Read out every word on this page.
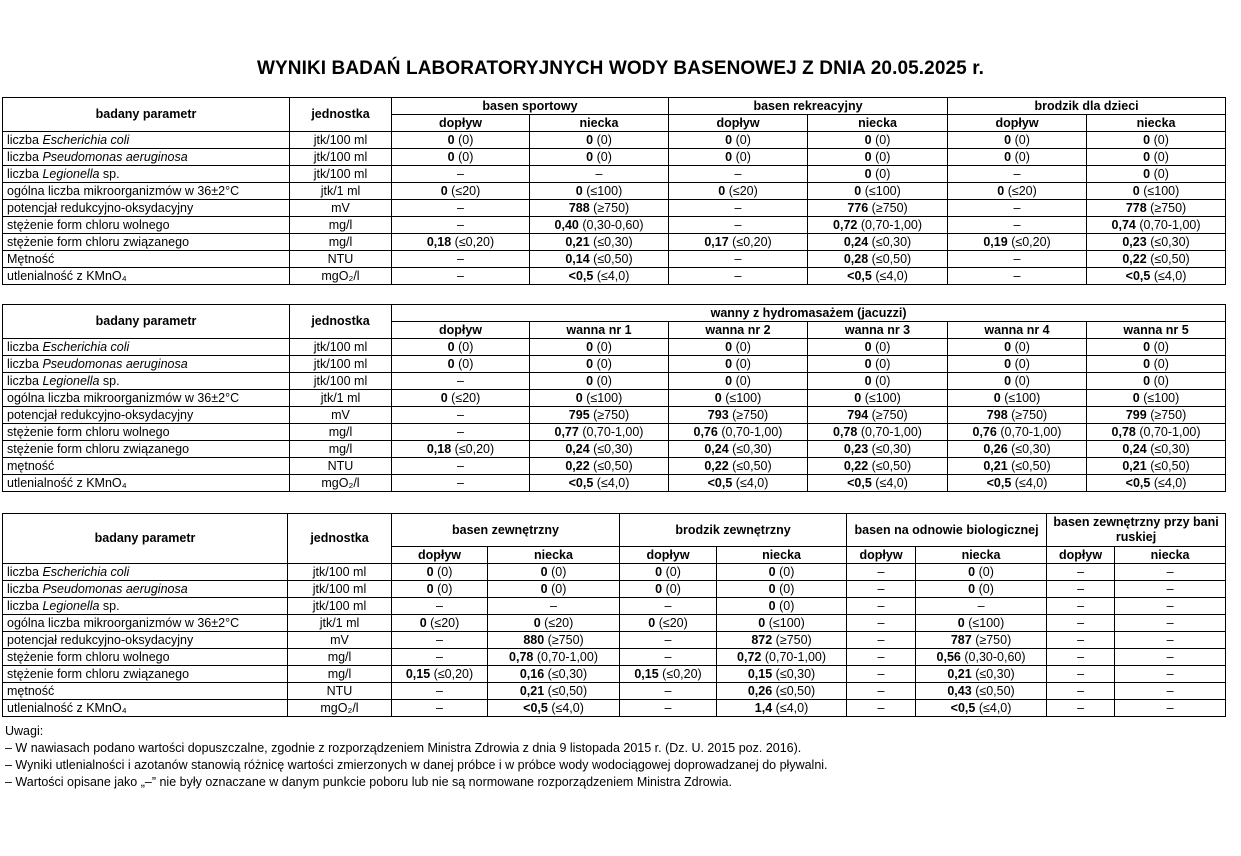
WYNIKI BADAŃ LABORATORYJNYCH WODY BASENOWEJ Z DNIA 20.05.2025 r.
badany parametr	jednostka	basen sportowy		basen rekreacyjny		brodzik dla dzieci	
		dopływ	niecka	dopływ	niecka	dopływ	niecka
liczba Escherichia coli	jtk/100 ml	0 (0)	0 (0)	0 (0)	0 (0)	0 (0)	0 (0)
liczba Pseudomonas aeruginosa	jtk/100 ml	0 (0)	0 (0)	0 (0)	0 (0)	0 (0)	0 (0)
liczba Legionella sp.	jtk/100 ml	–	–	–	0 (0)	–	0 (0)
ogólna liczba mikroorganizmów w 36±2°C	jtk/1 ml	0 (≤20)	0 (≤100)	0 (≤20)	0 (≤100)	0 (≤20)	0 (≤100)
potencjał redukcyjno-oksydacyjny	mV	–	788 (≥750)	–	776 (≥750)	–	778 (≥750)
stężenie form chloru wolnego	mg/l	–	0,40 (0,30-0,60)	–	0,72 (0,70-1,00)	–	0,74 (0,70-1,00)
stężenie form chloru związanego	mg/l	0,18 (≤0,20)	0,21 (≤0,30)	0,17 (≤0,20)	0,24 (≤0,30)	0,19 (≤0,20)	0,23 (≤0,30)
Mętność	NTU	–	0,14 (≤0,50)	–	0,28 (≤0,50)	–	0,22 (≤0,50)
utlenialność z KMnO₄	mgO₂/l	–	<0,5 (≤4,0)	–	<0,5 (≤4,0)	–	<0,5 (≤4,0)
badany parametr	jednostka	wanny z hydromasażem (jacuzzi)					
		dopływ	wanna nr 1	wanna nr 2	wanna nr 3	wanna nr 4	wanna nr 5
liczba Escherichia coli	jtk/100 ml	0 (0)	0 (0)	0 (0)	0 (0)	0 (0)	0 (0)
liczba Pseudomonas aeruginosa	jtk/100 ml	0 (0)	0 (0)	0 (0)	0 (0)	0 (0)	0 (0)
liczba Legionella sp.	jtk/100 ml	–	0 (0)	0 (0)	0 (0)	0 (0)	0 (0)
ogólna liczba mikroorganizmów w 36±2°C	jtk/1 ml	0 (≤20)	0 (≤100)	0 (≤100)	0 (≤100)	0 (≤100)	0 (≤100)
potencjał redukcyjno-oksydacyjny	mV	–	795 (≥750)	793 (≥750)	794 (≥750)	798 (≥750)	799 (≥750)
stężenie form chloru wolnego	mg/l	–	0,77 (0,70-1,00)	0,76 (0,70-1,00)	0,78 (0,70-1,00)	0,76 (0,70-1,00)	0,78 (0,70-1,00)
stężenie form chloru związanego	mg/l	0,18 (≤0,20)	0,24 (≤0,30)	0,24 (≤0,30)	0,23 (≤0,30)	0,26 (≤0,30)	0,24 (≤0,30)
mętność	NTU	–	0,22 (≤0,50)	0,22 (≤0,50)	0,22 (≤0,50)	0,21 (≤0,50)	0,21 (≤0,50)
utlenialność z KMnO₄	mgO₂/l	–	<0,5 (≤4,0)	<0,5 (≤4,0)	<0,5 (≤4,0)	<0,5 (≤4,0)	<0,5 (≤4,0)
badany parametr	jednostka	basen zewnętrzny		brodzik zewnętrzny		basen na odnowie biologicznej		basen zewnętrzny przy bani ruskiej	
		dopływ	niecka	dopływ	niecka	dopływ	niecka	dopływ	niecka
liczba Escherichia coli	jtk/100 ml	0 (0)	0 (0)	0 (0)	0 (0)	–	0 (0)	–	–
liczba Pseudomonas aeruginosa	jtk/100 ml	0 (0)	0 (0)	0 (0)	0 (0)	–	0 (0)	–	–
liczba Legionella sp.	jtk/100 ml	–	–	–	0 (0)	–	–	–	–
ogólna liczba mikroorganizmów w 36±2°C	jtk/1 ml	0 (≤20)	0 (≤20)	0 (≤20)	0 (≤100)	–	0 (≤100)	–	–
potencjał redukcyjno-oksydacyjny	mV	–	880 (≥750)	–	872 (≥750)	–	787 (≥750)	–	–
stężenie form chloru wolnego	mg/l	–	0,78 (0,70-1,00)	–	0,72 (0,70-1,00)	–	0,56 (0,30-0,60)	–	–
stężenie form chloru związanego	mg/l	0,15 (≤0,20)	0,16 (≤0,30)	0,15 (≤0,20)	0,15 (≤0,30)	–	0,21 (≤0,30)	–	–
mętność	NTU	–	0,21 (≤0,50)	–	0,26 (≤0,50)	–	0,43 (≤0,50)	–	–
utlenialność z KMnO₄	mgO₂/l	–	<0,5 (≤4,0)	–	1,4 (≤4,0)	–	<0,5 (≤4,0)	–	–
Uwagi:
– W nawiasach podano wartości dopuszczalne, zgodnie z rozporządzeniem Ministra Zdrowia z dnia 9 listopada 2015 r. (Dz. U. 2015 poz. 2016).
– Wyniki utlenialności i azotanów stanowią różnicę wartości zmierzonych w danej próbce i w próbce wody wodociągowej doprowadzanej do pływalni.
– Wartości opisane jako „–” nie były oznaczane w danym punkcie poboru lub nie są normowane rozporządzeniem Ministra Zdrowia.
